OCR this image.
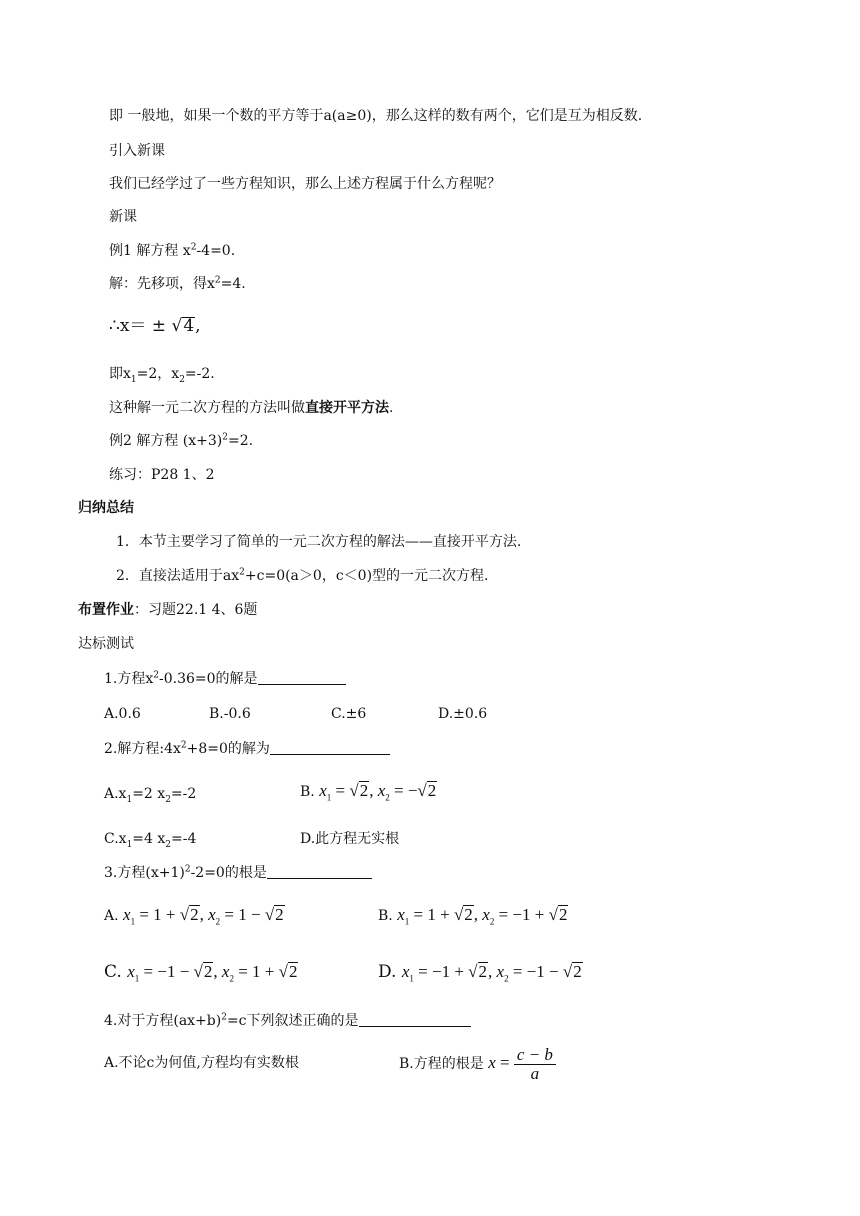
即 一般地，如果一个数的平方等于a(a≥0)，那么这样的数有两个，它们是互为相反数.
引入新课
我们已经学过了一些方程知识，那么上述方程属于什么方程呢？
新课
例1 解方程 $x^2-4=0$.
解：先移项，得$x^2=4$.
∴x＝ ± √4,
即$x_1=2$，$x_2=-2$.
这种解一元二次方程的方法叫做直接开平方法.
例2 解方程 $(x+3)^2=2$.
练习：P28 1、2
归纳总结
1．本节主要学习了简单的一元二次方程的解法——直接开平方法.
2．直接法适用于$ax^2+c=0(a>0$，c＜0)型的一元二次方程.
布置作业：习题22.1 4、6题
达标测试
1.方程$x^2-0.36=0$的解是
A.0.6	B.-0.6	C.±6	D.±0.6
2.解方程$:4x^2+8=0$的解为
$A.x_1=2$ $x_2=-2$	B. $x_1 = √2$, $x_2 = -√2$
$C.x_1=4$ $x_2=-4$	D.此方程无实根
3.方程$(x+1)^2-2=0$的根是
A. $x_1 = 1 + √2$, $x_2 = 1 - √2$	B. $x_1 = 1 + √2$, $x_2 = -1 + √2$
C. $x_1 = -1 - √2$, $x_2 = 1 + √2$	D. $x_1 = -1 + √2$, $x_2 = -1 - √2$
4.对于方程$(ax+b)^2=c$下列叙述正确的是
A.不论c为何值,方程均有实数根	B.方程的根是 $x = \frac{c - b}{a}$
